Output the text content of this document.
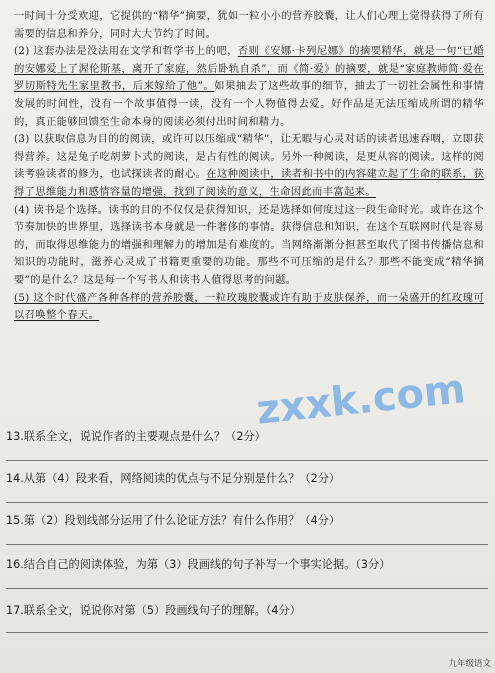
一时间十分受欢迎，它提供的“精华”摘要，犹如一粒小小的营养胶囊，让人们心理上觉得获得了所有需要的信息和养分，同时大大节约了时间。

(2) 这套办法是没法用在文学和哲学书上的吧，否则《安娜·卡列尼娜》的摘要精华，就是一句“已婚的安娜爱上了渥伦斯基，离开了家庭，然后卧轨自杀”，而《简·爱》的摘要，就是“家庭教师简·爱在罗切斯特先生家里教书，后来嫁给了他”。如果抽去了这些故事的细节，抽去了一切社会属性和事情发展的时间性，没有一个故事值得一读，没有一个人物值得去爱。好作品是无法压缩成所谓的精华的，真正能够回馈至生命本身的阅读必须付出时间和精力。

(3) 以获取信息为目的的阅读，或许可以压缩成“精华”，让无暇与心灵对话的读者迅速吞咽，立即获得营养。这是兔子吃胡萝卜式的阅读，是占有性的阅读。另外一种阅读，是更从容的阅读。这样的阅读考验读者的修为，也试探读者的耐心。在这种阅读中，读者和书中的内容建立起了生命的联系，获得了思维能力和感情容量的增强，找到了阅读的意义，生命因此而丰富起来。

(4) 读书是个选择。读书的目的不仅仅是获得知识，还是选择如何度过这一段生命时光。或许在这个节奏加快的世界里，选择读书本身就是一件奢侈的事情。获得信息和知识，在这个互联网时代是容易的，而取得思维能力的增强和理解力的增加是有难度的。当网络渐渐分担甚至取代了图书传播信息和知识的功能时，滋养心灵成了书籍更重要的功能。那些不可压缩的是什么？那些不能变成“精华摘要”的是什么？这是每一个写书人和读书人值得思考的问题。

(5) 这个时代盛产各种各样的营养胶囊，一粒玫瑰胶囊或许有助于皮肤保养，而一朵盛开的红玫瑰可以召唤整个春天。

zxxk.com
13.联系全文，说说作者的主要观点是什么？（2分）
14.从第（4）段来看，网络阅读的优点与不足分别是什么？（2分）
15.第（2）段划线部分运用了什么论证方法？有什么作用？（4分）
16.结合自己的阅读体验，为第（3）段画线的句子补写一个事实论据。（3分）
17.联系全文，说说你对第（5）段画线句子的理解。（4分）
九年级语文
